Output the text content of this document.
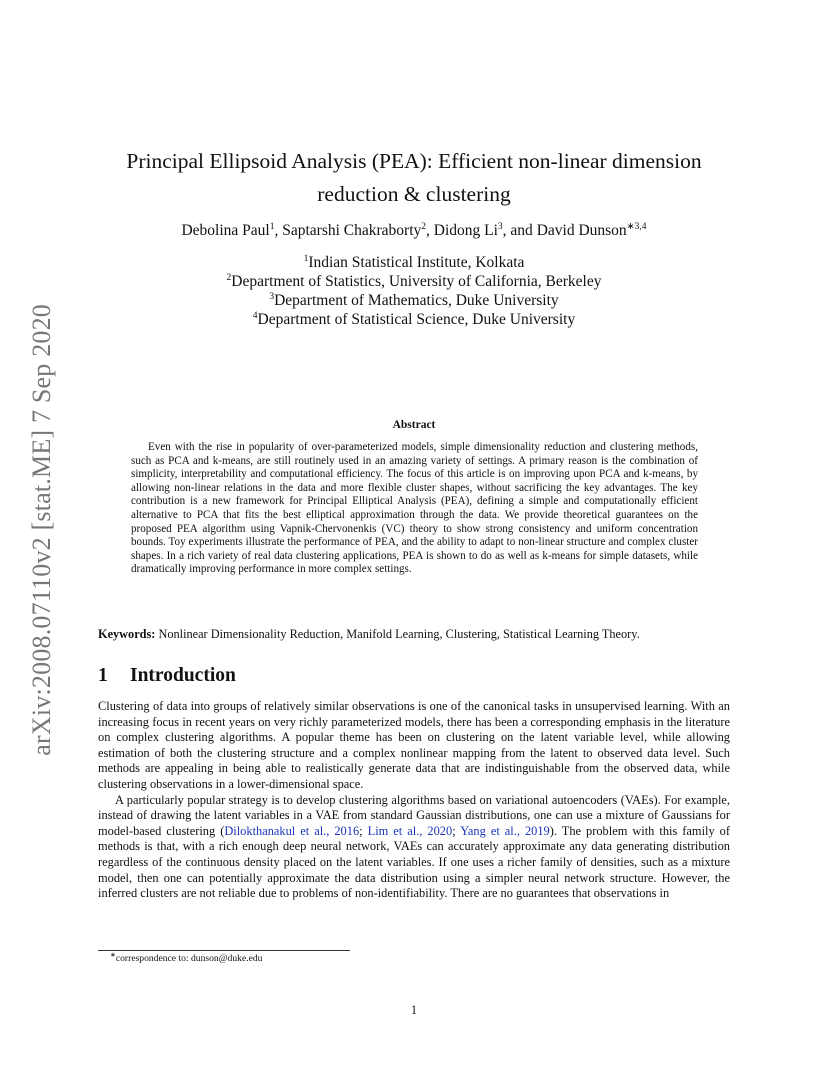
arXiv:2008.07110v2 [stat.ME] 7 Sep 2020
Principal Ellipsoid Analysis (PEA): Efficient non-linear dimension
reduction & clustering
Debolina Paul$^1$, Saptarshi Chakraborty$^2$, Didong Li$^3$, and David Dunson$^{∗3,4}$
$^1$Indian Statistical Institute, Kolkata
$^2$Department of Statistics, University of California, Berkeley
$^3$Department of Mathematics, Duke University
$^4$Department of Statistical Science, Duke University
Abstract

Even with the rise in popularity of over-parameterized models, simple dimensionality reduction and clustering methods, such as PCA and k-means, are still routinely used in an amazing variety of settings. A primary reason is the combination of simplicity, interpretability and computational efficiency. The focus of this article is on improving upon PCA and k-means, by allowing non-linear relations in the data and more flexible cluster shapes, without sacrificing the key advantages. The key contribution is a new framework for Principal Elliptical Analysis (PEA), defining a simple and computationally efficient alternative to PCA that fits the best elliptical approximation through the data. We provide theoretical guarantees on the proposed PEA algorithm using Vapnik-Chervonenkis (VC) theory to show strong consistency and uniform concentration bounds. Toy experiments illustrate the performance of PEA, and the ability to adapt to non-linear structure and complex cluster shapes. In a rich variety of real data clustering applications, PEA is shown to do as well as k-means for simple datasets, while dramatically improving performance in more complex settings.

Keywords: Nonlinear Dimensionality Reduction, Manifold Learning, Clustering, Statistical Learning Theory.
1 Introduction

Clustering of data into groups of relatively similar observations is one of the canonical tasks in unsupervised learning. With an increasing focus in recent years on very richly parameterized models, there has been a corresponding emphasis in the literature on complex clustering algorithms. A popular theme has been on clustering on the latent variable level, while allowing estimation of both the clustering structure and a complex nonlinear mapping from the latent to observed data level. Such methods are appealing in being able to realistically generate data that are indistinguishable from the observed data, while clustering observations in a lower-dimensional space.

A particularly popular strategy is to develop clustering algorithms based on variational autoencoders (VAEs). For example, instead of drawing the latent variables in a VAE from standard Gaussian distributions, one can use a mixture of Gaussians for model-based clustering (Dilokthanakul et al., 2016; Lim et al., 2020; Yang et al., 2019). The problem with this family of methods is that, with a rich enough deep neural network, VAEs can accurately approximate any data generating distribution regardless of the continuous density placed on the latent variables. If one uses a richer family of densities, such as a mixture model, then one can potentially approximate the data distribution using a simpler neural network structure. However, the inferred clusters are not reliable due to problems of non-identifiability. There are no guarantees that observations in

∗correspondence to: dunson@duke.edu
1
